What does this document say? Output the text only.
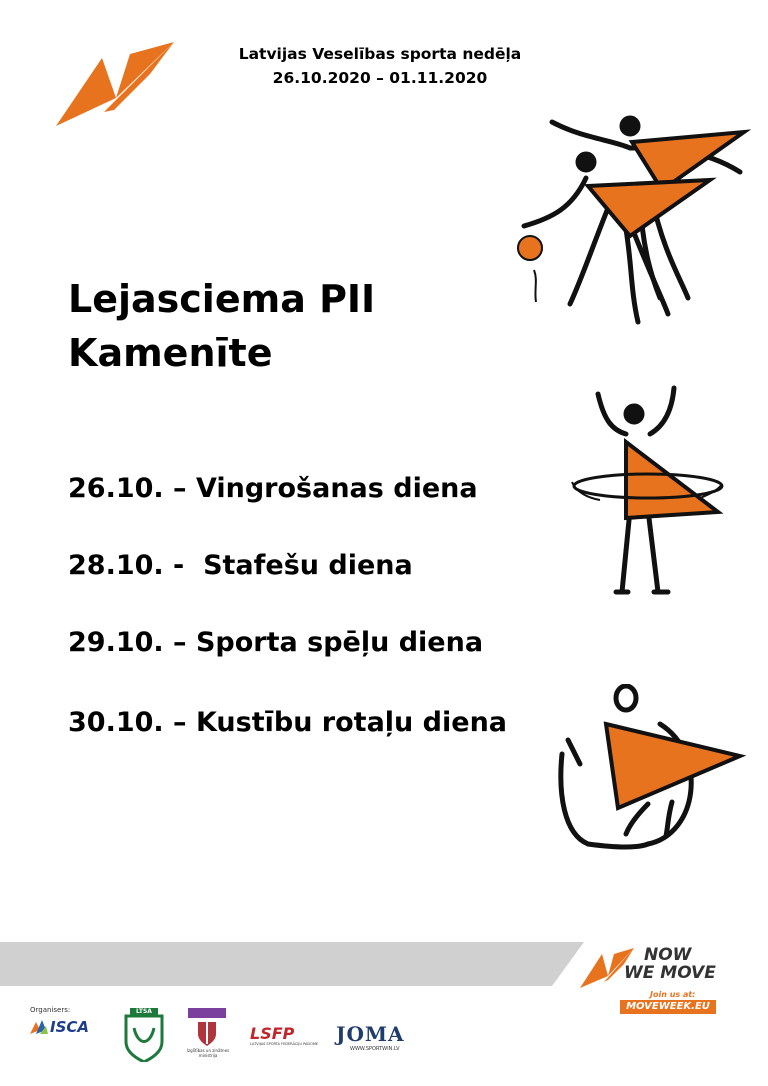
Latvijas Veselības sporta nedēļa
26.10.2020 – 01.11.2020
Lejasciema PII
Kamenīte
26.10. – Vingrošanas diena
28.10. -  Stafešu diena
29.10. – Sporta spēļu diena
30.10. – Kustību rotaļu diena
NOW
WE MOVE
Join us at:
MOVEWEEK.EU
Organisers:
ISCA
LTSA
Izglītības un zinātnes ministrija
LSFP
LATVIJAS SPORTA FEDERĀCIJU PADOME JOMA
WWW.SPORTWIN.LV
